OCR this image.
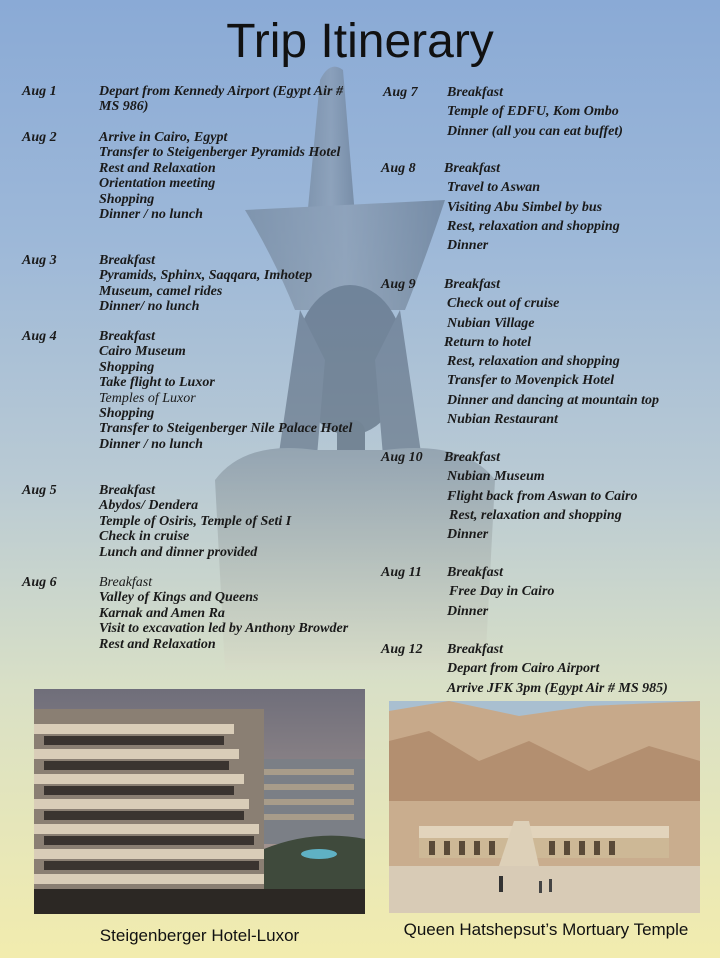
Trip Itinerary
Aug 1	Depart from Kennedy Airport (Egypt Air # MS 986)
Aug 2	Arrive in Cairo, Egypt
Transfer to Steigenberger Pyramids Hotel
Rest and Relaxation
Orientation meeting
Shopping
Dinner / no lunch
Aug 3	Breakfast
Pyramids, Sphinx, Saqqara, Imhotep Museum, camel rides
Dinner/ no lunch
Aug 4	Breakfast
Cairo Museum
Shopping
Take flight to Luxor
Temples of Luxor
Shopping
Transfer to Steigenberger Nile Palace Hotel
Dinner / no lunch
Aug 5	Breakfast
Abydos/ Dendera
Temple of Osiris, Temple of Seti I
Check in cruise
Lunch and dinner provided
Aug 6	Breakfast
Valley of Kings and Queens
Karnak and Amen Ra
Visit to excavation led by Anthony Browder
Rest and Relaxation
Aug 7 Breakfast
Temple of EDFU, Kom Ombo
Dinner (all you can eat buffet)
Aug 8 Breakfast
Travel to Aswan
Visiting Abu Simbel by bus
Rest, relaxation and shopping
Dinner
Aug 9 Breakfast
Check out of cruise
Nubian Village
Return to hotel
Rest, relaxation and shopping
Transfer to Movenpick Hotel
Dinner and dancing at mountain top
Nubian Restaurant
Aug 10 Breakfast
Nubian Museum
Flight back from Aswan to Cairo
Rest, relaxation and shopping
Dinner
Aug 11 Breakfast
Free Day in Cairo
Dinner
Aug 12 Breakfast
Depart from Cairo Airport
Arrive JFK 3pm (Egypt Air # MS 985)
Steigenberger Hotel-Luxor	Queen Hatshepsut’s Mortuary Temple
